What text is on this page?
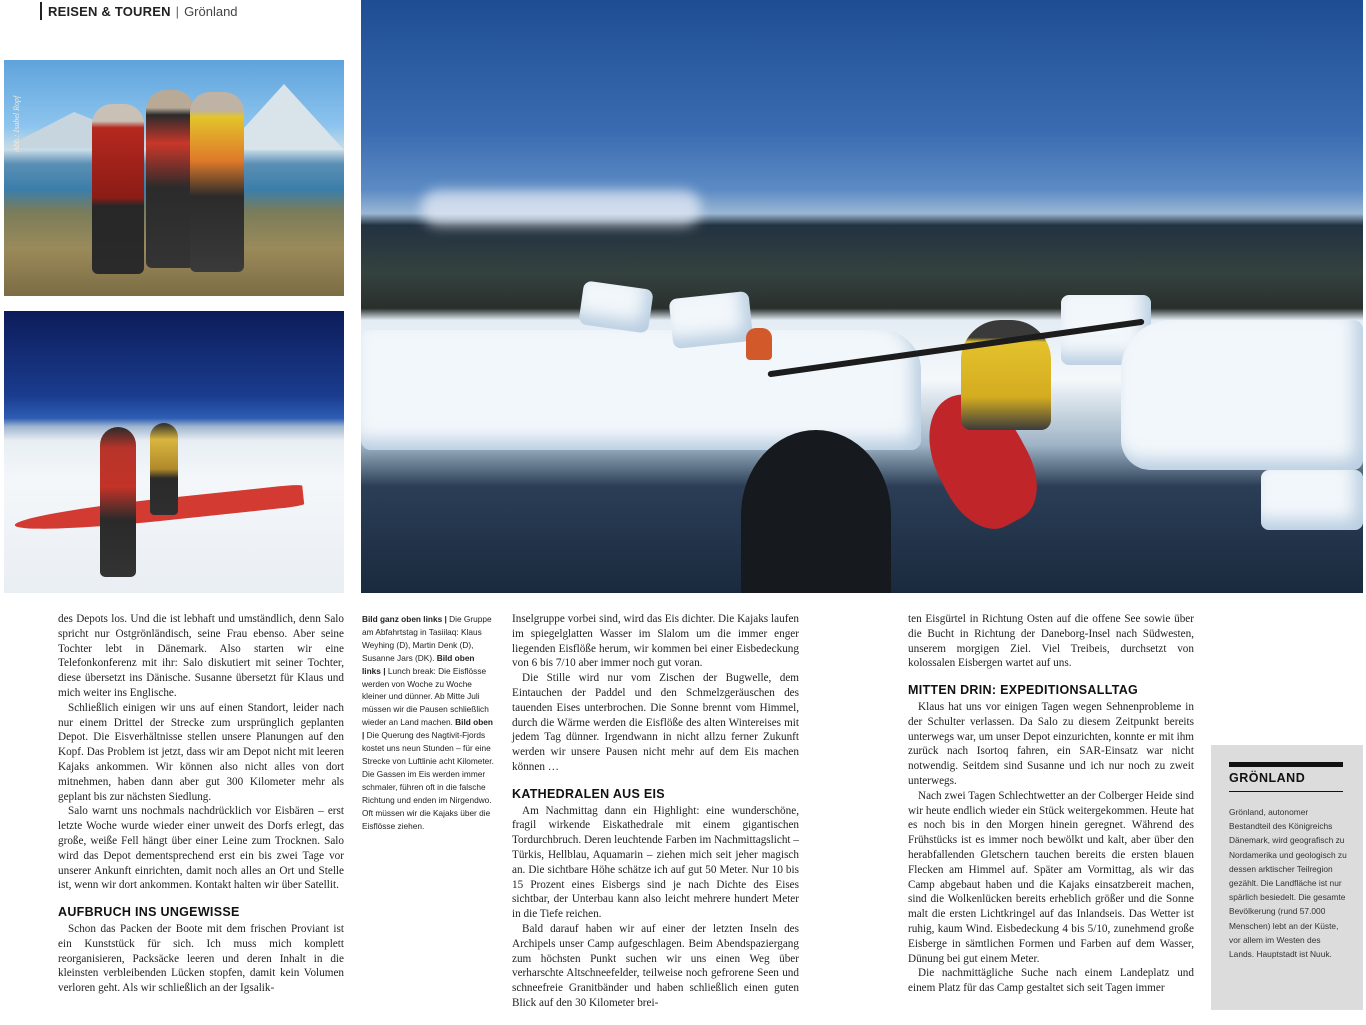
REISEN & TOUREN | Grönland
Abb.: Isabel Ropf

des Depots los. Und die ist lebhaft und umständlich, denn Salo spricht nur Ostgrönländisch, seine Frau ebenso. Aber seine Tochter lebt in Dänemark. Also starten wir eine Telefonkonferenz mit ihr: Salo diskutiert mit seiner Tochter, diese übersetzt ins Dänische. Susanne übersetzt für Klaus und mich weiter ins Englische.

Schließlich einigen wir uns auf einen Standort, leider nach nur einem Drittel der Strecke zum ursprünglich geplanten Depot. Die Eisverhältnisse stellen unsere Planungen auf den Kopf. Das Problem ist jetzt, dass wir am Depot nicht mit leeren Kajaks ankommen. Wir können also nicht alles von dort mitnehmen, haben dann aber gut 300 Kilometer mehr als geplant bis zur nächsten Siedlung.

Salo warnt uns nochmals nachdrücklich vor Eisbären – erst letzte Woche wurde wieder einer unweit des Dorfs erlegt, das große, weiße Fell hängt über einer Leine zum Trocknen. Salo wird das Depot dementsprechend erst ein bis zwei Tage vor unserer Ankunft einrichten, damit noch alles an Ort und Stelle ist, wenn wir dort ankommen. Kontakt halten wir über Satellit.

AUFBRUCH INS UNGEWISSE

Schon das Packen der Boote mit dem frischen Proviant ist ein Kunststück für sich. Ich muss mich komplett reorganisieren, Packsäcke leeren und deren Inhalt in die kleinsten verbleibenden Lücken stopfen, damit kein Volumen verloren geht. Als wir schließlich an der Igsalik-

Bild ganz oben links | Die Gruppe am Abfahrtstag in Tasiilaq: Klaus Weyhing (D), Martin Denk (D), Susanne Jars (DK). Bild oben links | Lunch break: Die Eisflösse werden von Woche zu Woche kleiner und dünner. Ab Mitte Juli müssen wir die Pausen schließlich wieder an Land machen. Bild oben | Die Querung des Nagtivit-Fjords kostet uns neun Stunden – für eine Strecke von Luftlinie acht Kilometer. Die Gassen im Eis werden immer schmaler, führen oft in die falsche Richtung und enden im Nirgendwo. Oft müssen wir die Kajaks über die Eisflösse ziehen.

Inselgruppe vorbei sind, wird das Eis dichter. Die Kajaks laufen im spiegelglatten Wasser im Slalom um die immer enger liegenden Eisflöße herum, wir kommen bei einer Eisbedeckung von 6 bis 7/10 aber immer noch gut voran.

Die Stille wird nur vom Zischen der Bugwelle, dem Eintauchen der Paddel und den Schmelzgeräuschen des tauenden Eises unterbrochen. Die Sonne brennt vom Himmel, durch die Wärme werden die Eisflöße des alten Wintereises mit jedem Tag dünner. Irgendwann in nicht allzu ferner Zukunft werden wir unsere Pausen nicht mehr auf dem Eis machen können …

KATHEDRALEN AUS EIS

Am Nachmittag dann ein Highlight: eine wunderschöne, fragil wirkende Eiskathedrale mit einem gigantischen Tordurchbruch. Deren leuchtende Farben im Nachmittagslicht – Türkis, Hellblau, Aquamarin – ziehen mich seit jeher magisch an. Die sichtbare Höhe schätze ich auf gut 50 Meter. Nur 10 bis 15 Prozent eines Eisbergs sind je nach Dichte des Eises sichtbar, der Unterbau kann also leicht mehrere hundert Meter in die Tiefe reichen.

Bald darauf haben wir auf einer der letzten Inseln des Archipels unser Camp aufgeschlagen. Beim Abendspaziergang zum höchsten Punkt suchen wir uns einen Weg über verharschte Altschneefelder, teilweise noch gefrorene Seen und schneefreie Granitbänder und haben schließlich einen guten Blick auf den 30 Kilometer brei-

ten Eisgürtel in Richtung Osten auf die offene See sowie über die Bucht in Richtung der Daneborg-Insel nach Südwesten, unserem morgigen Ziel. Viel Treibeis, durchsetzt von kolossalen Eisbergen wartet auf uns.

MITTEN DRIN: EXPEDITIONSALLTAG

Klaus hat uns vor einigen Tagen wegen Sehnenprobleme in der Schulter verlassen. Da Salo zu diesem Zeitpunkt bereits unterwegs war, um unser Depot einzurichten, konnte er mit ihm zurück nach Isortoq fahren, ein SAR-Einsatz war nicht notwendig. Seitdem sind Susanne und ich nur noch zu zweit unterwegs.

Nach zwei Tagen Schlechtwetter an der Colberger Heide sind wir heute endlich wieder ein Stück weitergekommen. Heute hat es noch bis in den Morgen hinein geregnet. Während des Frühstücks ist es immer noch bewölkt und kalt, aber über den herabfallenden Gletschern tauchen bereits die ersten blauen Flecken am Himmel auf. Später am Vormittag, als wir das Camp abgebaut haben und die Kajaks einsatzbereit machen, sind die Wolkenlücken bereits erheblich größer und die Sonne malt die ersten Lichtkringel auf das Inlandseis. Das Wetter ist ruhig, kaum Wind. Eisbedeckung 4 bis 5/10, zunehmend große Eisberge in sämtlichen Formen und Farben auf dem Wasser, Dünung bei gut einem Meter.

Die nachmittägliche Suche nach einem Landeplatz und einem Platz für das Camp gestaltet sich seit Tagen immer

GRÖNLAND

Grönland, autonomer Bestandteil des Königreichs Dänemark, wird geografisch zu Nordamerika und geologisch zu dessen arktischer Teilregion gezählt. Die Landfläche ist nur spärlich besiedelt. Die gesamte Bevölkerung (rund 57.000 Menschen) lebt an der Küste, vor allem im Westen des Lands. Hauptstadt ist Nuuk.
